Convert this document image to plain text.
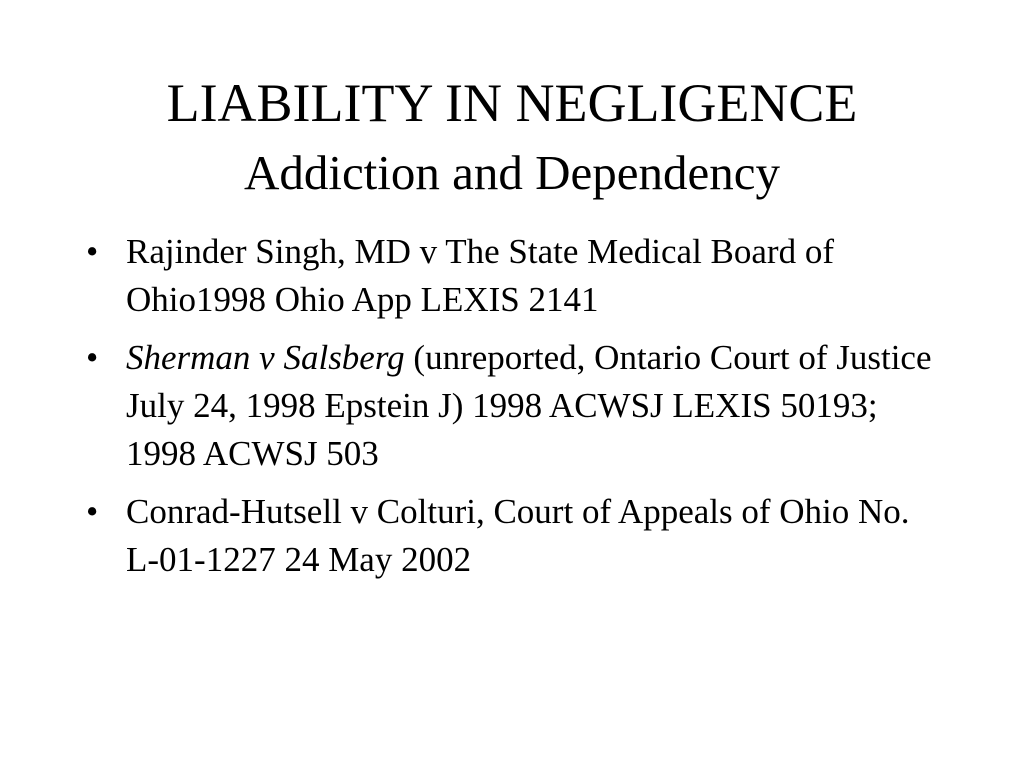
LIABILITY IN NEGLIGENCE
Addiction and Dependency
• Rajinder Singh, MD v The State Medical Board of Ohio1998 Ohio App LEXIS 2141
• Sherman v Salsberg (unreported, Ontario Court of Justice July 24, 1998 Epstein J) 1998 ACWSJ LEXIS 50193; 1998 ACWSJ 503
• Conrad-Hutsell v Colturi, Court of Appeals of Ohio No. L-01-1227 24 May 2002
